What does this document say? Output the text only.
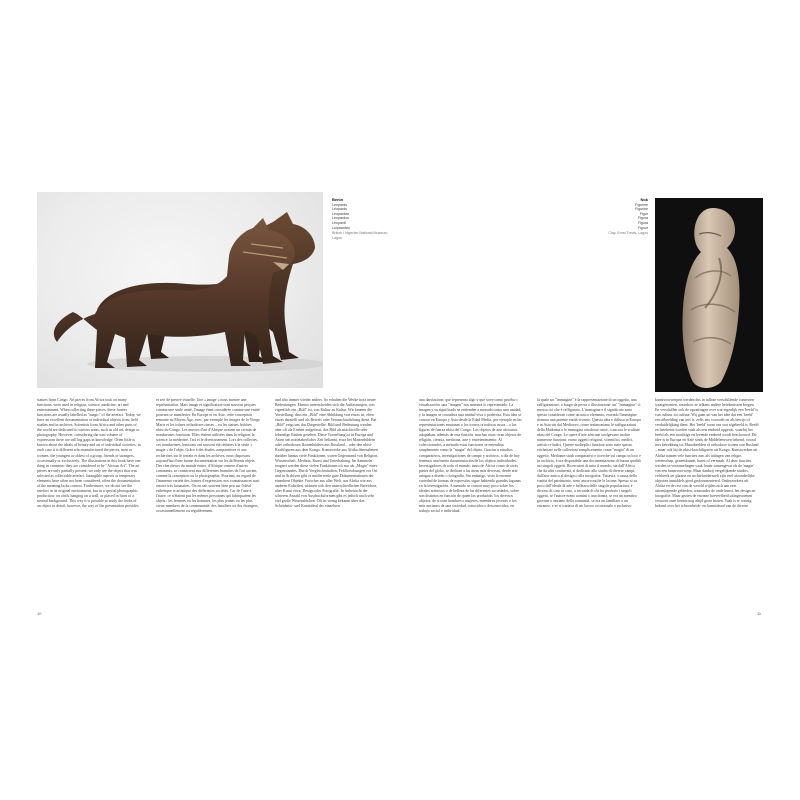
Benin
Leopards
Léopards
Leoparden
Leopardos
Leopardi
Luipaarden
British / Nigerian National Museum, Lagos
statues from Congo. Art pieces from Africa took on many functions, were used in religion, science, medicine, art and entertainment. When collecting these pieces, these former functions are usually labelled as "magic" of the artefact. Today, we have an excellent documentation of individual objects from field studies and in archives. Scientists from Africa and other parts of the world are dedicated to various areas, such as old art, design or photography. However, considering the vast volume of expressions there are still big gaps in knowledge. Often little is known about the ideals of beauty and art of individual societies; in each case it is different who manufactured the pieces, men or women, the youngest or oldest of a group, friends or strangers, occasionally or exclusively. The illustrations in this book have one thing in common: they are considered to be "African Art". The art pieces are only partially present; we only see the object that was selected as collectable artefact. Intangible aspects or temporary elements have often not been considered, often the documentation of the meaning lacks context. Furthermore, we do not see the artefact in its original environment, but in a special photographic production: on cloth, hanging on a wall, or placed in front of a neutral background. This way it is possible to study the looks of an object in detail; however, the way of the presentation provides
et sert de preuve visuelle. Une « image » nous montre une représentation. Mais image et signification sont souvent perçues comme une seule unité, l'image étant considérée comme une entité pouvant se manifester. En Europe et en Asie, cette conception remonte au Moyen Âge, avec, par exemple les images de la Vierge Marie et les icônes orthodoxes russes – ou les statues fétiches nkisi du Congo. Les œuvres d'art d'Afrique avaient un certain de nombreuses fonctions. Elles étaient utilisées dans la religion, la science, la médecine, l'art et le divertissement. Lors des collectes, ces nombreuses fonctions ont souvent été réduites à la seule « magie » de l'objet. Grâce à des études comparatives et aux recherches sur le terrain et dans les archives, nous disposons aujourd'hui d'une bonne documentation sur les différents objets. Des chercheurs du monde entier, d'Afrique comme d'autres continents, se consacrent aux différentes branches de l'art ancien, comme la conception ou la photographie. Pourtant, au regard de l'immense variété des formes d'expression, nos connaissances sont encore très lacunaires. On en sait souvent bien peu sur l'idéal esthétique et artistique des différentes sociétés. Car de l'une à l'autre, ce n'étaient pas les mêmes personnes qui fabriquaient les objets : les femmes ou les hommes, les plus jeunes ou les plus vieux membres de la communauté, des familiers ou des étrangers, occasionnellement ou régulièrement.
und also immer wieder anders. So erhalten die Werke trotz neuer Bedeutungen. Ebenso unterscheiden sich die Auffassungen, was eigentlich ein „Bild" ist, von Kultur zu Kultur. Wir kennen die Vorstellung, dass ein „Bild" eine Abbildung von etwas ist, eben etwas darstellt und als Beweis oder Veranschaulichung dient. Ein „Bild" zeigt uns das Dargestellte. Bild und Bedeutung werden aber oft als Einheit aufgefasst, das Bild als machtvolle oder lebendige Einheit gesehen. Diese Vorstellung ist in Europa und Asien seit mittelalterlicher Zeit bekannt, etwa bei Marienbildern oder orthodoxen Ikonenbildern aus Russland – oder den nkisi-Kraftfiguren aus dem Kongo. Kunstwerke aus Afrika übernahmen darüber hinaus viele Funktionen, waren Gegenstand von Religion, Wissenschaft, Medizin, Kunst und Unterhaltung. Im Sammeln reagiert werden diese vielen Funktionen oft nur als „Magie" eines Gegenstandes. Durch Vergleichsstudien, Feldforschungen vor Ort und in Archiven gibt es mittlerweile gute Dokumentationen der einzelnen Objekte. Forscher aus aller Welt, aus Afrika wie aus anderen Erdteilen, widmen sich den unterschiedlichen Bereichen, alter Kunst etwa, Design oder Fotografie. In Anbetracht der schieren Anzahl von Ausdrucksformen gibt es jedoch noch sehr viel große Wissenslücken. Oft ist wenig bekannt über das Schönheits- und Kunstideal der einzelnen
10
Nok
Figurine
Figurine
Figur
Figura
Figura
Figuur
Clay, Ernst Trevis, Lagos
una darstazione, que representa algo y que sirve como prueba o visualización. una "imagen" nos muestra lo representado. La imagen y su significado se entienden a menudo como una unidad, y la imagen se considera una unidad viva o poderosa. Esta idea se conoce en Europa y Asia desde la Edad Media, por ejemplo en las representaciones marianas o los iconos ortodoxos rusos – o las figuras de fuerza nkisi del Congo. Los objetos de arte africanos adoptaban, además de esta función, muchas otras: eran objetos de religión, ciencia, medicina, arte y entretenimiento. Al coleccionarlos, a menudo estas funciones se entendían simplemente como la "magia" del objeto. Gracias a estudios comparativos, investigaciones de campo y archivos, a día de hoy tenemos una buena documentación de los objetos individuales. Investigadores de todo el mundo, tanto de África como de otras partes del globo, se dedican a las áreas más diversas, desde arte antiguo a diseño o fotografía. Sin embargo, vista la enorme variedad de formas de expresión, sigue habiendo grandes lagunas en la investigación. A menudo se conoce muy poco sobre los ideales artísticos o de belleza de las diferentes sociedades, sobre son distintos en función de quien las producido: los diversos objetos, de si eran hombres o mujeres, miembros jóvenes o los más ancianos de una sociedad, conocidos o desconocidos, en trabajo social o individual.
la quale un "immagine" è la rappresentazione di un oggetto, una raffigurazione, a fungo da prova o illustrazione: un' "immagine" ci mostra ciò che è raffigurato. L'immagine e il significato sono spesso considerati come un unico elemento, essendo l'immagine ritenuta una potente entità vivente. Questa idea è diffusa in Europa e in Asia sin dal Medioevo, come testimoniano le raffigurazioni della Madonna o le immagini ortodosse russe, o ancora le scultute nkisi del Congo. Le opere d'arte africane svolgevano inoltre numerose funzioni: erano oggetti religiosi, scientifici, medici, artistici e ludici. Queste molteplici funzioni sono state spesso etichettate nelle collezioni semplicemente come "magia" di un oggetto. Mediante studi comparativi e ricerche sul campo in loco e in archivio, è ora disponibile una documentazione di buona qualità sui singoli oggetti. Ricercatori di tutto il mondo, sia dall'Africa che da altri continenti, si dedicano allo studio di diverse campi, dall'arte antica al design o alla fotografia. Tuttavia, a causa della vastità del patrimonio, sono ancora molte le lacune. Spesso si sa poco dell'ideale di arte e bellezza delle singole popolazioni; è diverso di caso in caso, a seconda di chi ha prodotto i singoli oggetti, se l'autore erano uomini o una donna, se era un membro giovane o anziano della comunità, se era un familiare o un estraneo, e se si trattava di un lavoro occasionale o esclusivo.
kunstvoorwerpen werden dus in talloze verschillende contexten waargenomen, waardoor ze telkens andere betekenissen kregen. En verschillen ook de opvattingen over wat eigenlijk een 'beeld' is van cultuur tot cultuur. Wij gaan uit van het idee dat een 'beeld' een afbeelding van iets is, zelfs iets voorstelt en als bewijs of verduidelijking dient. Het 'beeld' toont ons wat afgebeeld is. Beeld en betekenis worden vaak als een eenheid opgevat, waarbij het beeld als een machtige en levende eenheid wordt beschouwd. Dit idee is in Europa en Azië sinds de Middeleeuwen bekend, vooral met betrekking tot Mariabeelden of orthodoxe iconen van Rusland – maar ook bij de nkisi-krachtfiguren uit Kongo. Kunstwerken uit Afrika namen vele functies aan, als uitingen van religie, wetenschap, geneeskunde, kunst of vermaak. Al deze functies werden in verzamelingen vaak louter samengevat als de 'magie' van een kunstvoorwerp. Maar dankzij vergelijkende studies, veldwerk ter plaatse en archiefonderzoek zijn veel afzonderlijke objecten inmiddels goed gedocumenteerd. Onderzoekers uit Afrika en de rest van de wereld wijden zich aan zeer uiteenlopende gebieden, waaronder de oude kunst, het design en fotografie. Maar gezien de enorme hoeveelheid uitingsvormen vertoont onze kennis nog altijd grote hiaten. Vaak is er weinig bekend over het schoonheids- en kunstideaal van de diverse
11
